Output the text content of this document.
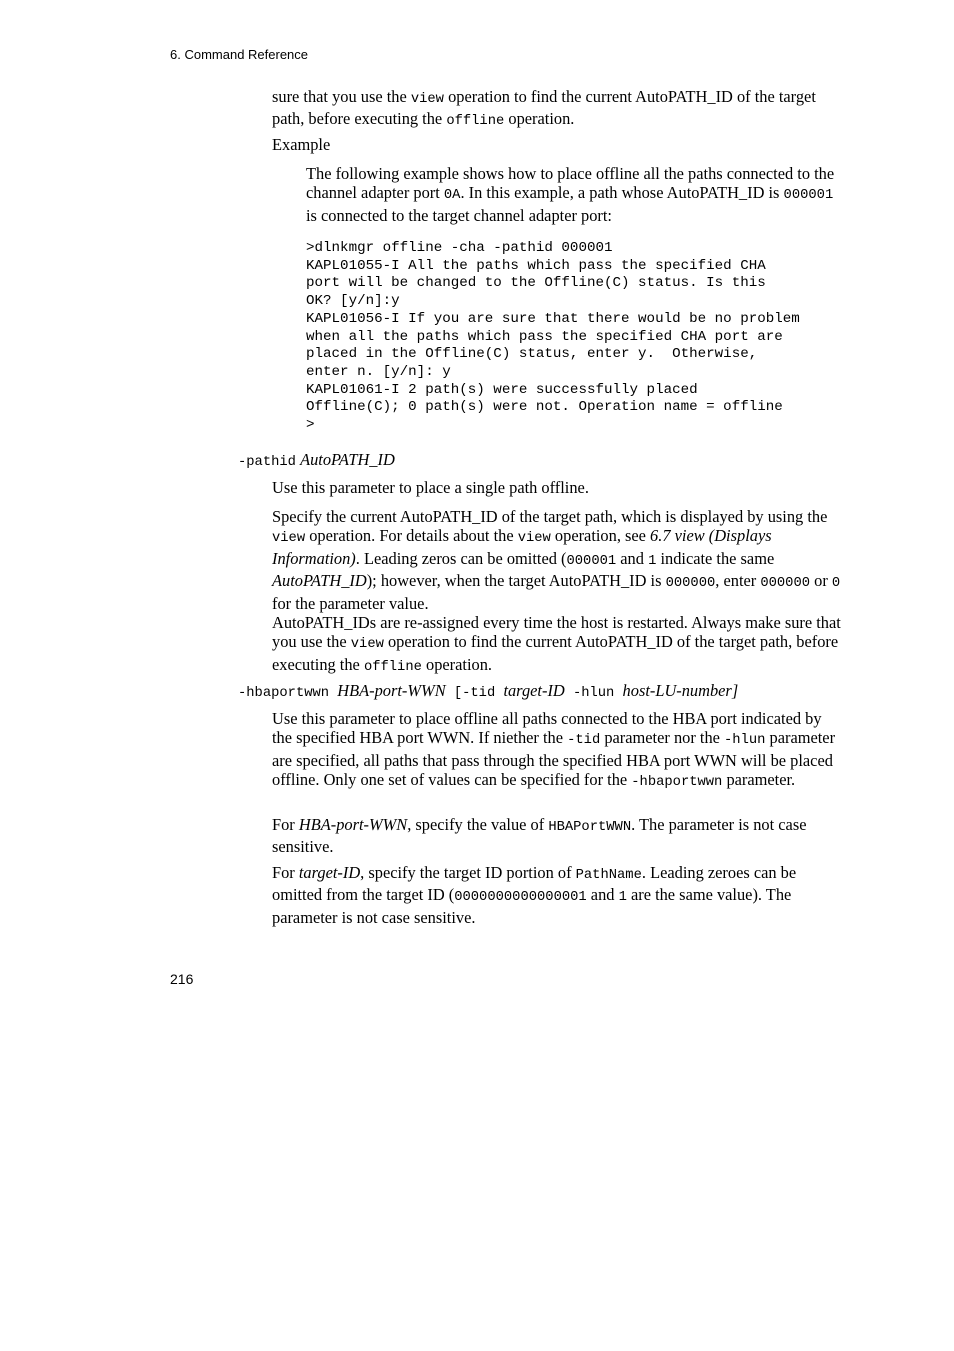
6. Command Reference

sure that you use the view operation to find the current AutoPATH_ID of the target path, before executing the offline operation.

Example

The following example shows how to place offline all the paths connected to the channel adapter port 0A. In this example, a path whose AutoPATH_ID is 000001 is connected to the target channel adapter port:

>dlnkmgr offline -cha -pathid 000001
KAPL01055-I All the paths which pass the specified CHA
port will be changed to the Offline(C) status. Is this
OK? [y/n]:y
KAPL01056-I If you are sure that there would be no problem
when all the paths which pass the specified CHA port are
placed in the Offline(C) status, enter y.  Otherwise,
enter n. [y/n]: y
KAPL01061-I 2 path(s) were successfully placed
Offline(C); 0 path(s) were not. Operation name = offline
>

-pathid AutoPATH_ID

Use this parameter to place a single path offline.

Specify the current AutoPATH_ID of the target path, which is displayed by using the view operation. For details about the view operation, see 6.7 view (Displays Information). Leading zeros can be omitted (000001 and 1 indicate the same AutoPATH_ID); however, when the target AutoPATH_ID is 000000, enter 000000 or 0 for the parameter value.

AutoPATH_IDs are re-assigned every time the host is restarted. Always make sure that you use the view operation to find the current AutoPATH_ID of the target path, before executing the offline operation.

-hbaportwwn HBA-port-WWN [-tid target-ID -hlun host-LU-number]

Use this parameter to place offline all paths connected to the HBA port indicated by the specified HBA port WWN. If niether the -tid parameter nor the -hlun parameter are specified, all paths that pass through the specified HBA port WWN will be placed offline. Only one set of values can be specified for the -hbaportwwn parameter.

For HBA-port-WWN, specify the value of HBAPortWWN. The parameter is not case sensitive.

For target-ID, specify the target ID portion of PathName. Leading zeroes can be omitted from the target ID (0000000000000001 and 1 are the same value). The parameter is not case sensitive.

216
